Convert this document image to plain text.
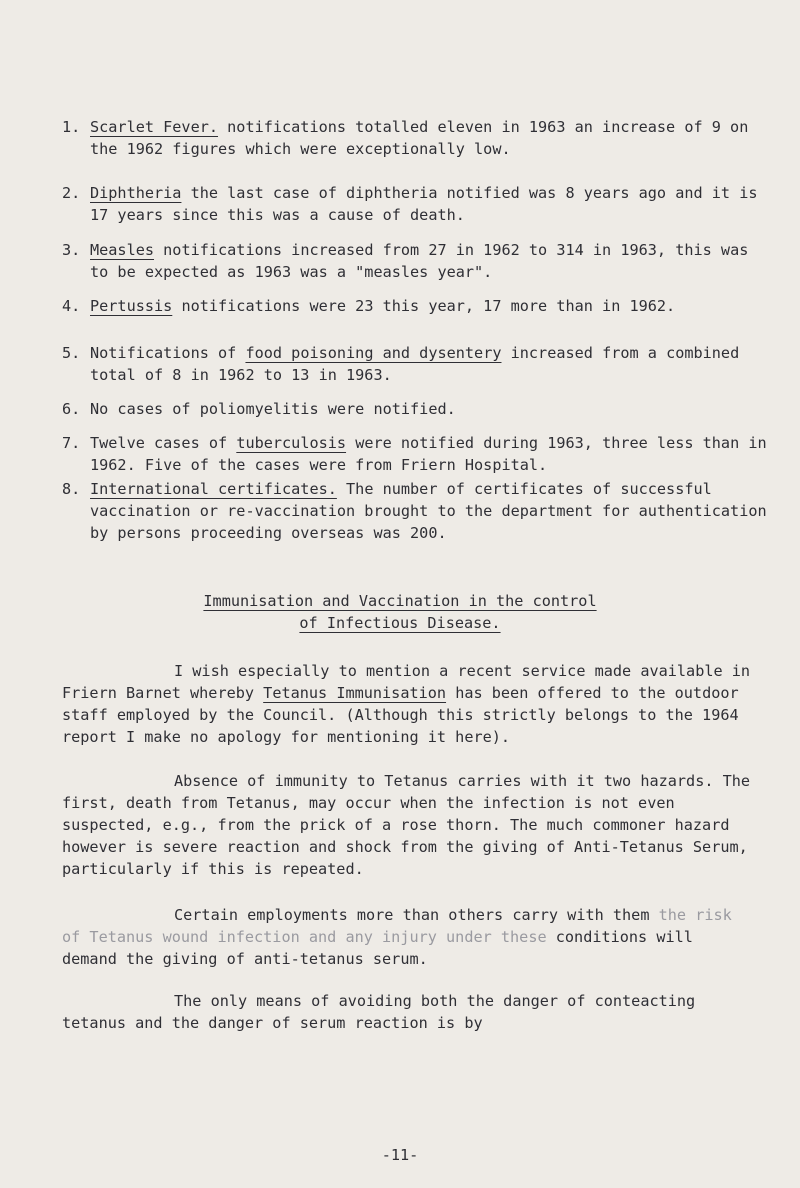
1. Scarlet Fever. notifications totalled eleven in 1963 an increase of 9 on the 1962 figures which were exceptionally low.
2. Diphtheria the last case of diphtheria notified was 8 years ago and it is 17 years since this was a cause of death.
3. Measles notifications increased from 27 in 1962 to 314 in 1963, this was to be expected as 1963 was a "measles year".
4. Pertussis notifications were 23 this year, 17 more than in 1962.
5. Notifications of food poisoning and dysentery increased from a combined total of 8 in 1962 to 13 in 1963.
6. No cases of poliomyelitis were notified.
7. Twelve cases of tuberculosis were notified during 1963, three less than in 1962. Five of the cases were from Friern Hospital.
8. International certificates. The number of certificates of successful vaccination or re-vaccination brought to the department for authentication by persons proceeding overseas was 200.
Immunisation and Vaccination in the control
of Infectious Disease.
I wish especially to mention a recent service made available in Friern Barnet whereby Tetanus Immunisation has been offered to the outdoor staff employed by the Council. (Although this strictly belongs to the 1964 report I make no apology for mentioning it here).
Absence of immunity to Tetanus carries with it two hazards. The first, death from Tetanus, may occur when the infection is not even suspected, e.g., from the prick of a rose thorn. The much commoner hazard however is severe reaction and shock from the giving of Anti-Tetanus Serum, particularly if this is repeated.
Certain employments more than others carry with them the risk of Tetanus wound infection and any injury under these conditions will demand the giving of anti-tetanus serum.
The only means of avoiding both the danger of conteacting tetanus and the danger of serum reaction is by
-11-
